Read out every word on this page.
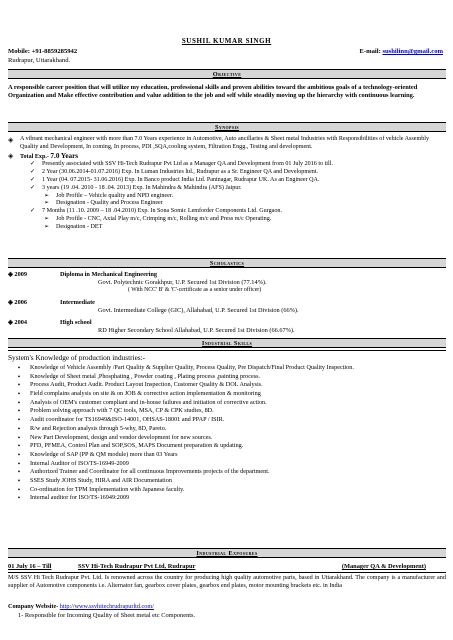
SUSHIL KUMAR SINGH
Mobile: +91-8859285942
Rudrapur, Uttarakhand.
E-mail: sushilinn@gmail.com
Objective
A responsible career position that will utilize my education, professional skills and proven abilities toward the ambitious goals of a technology-oriented Organization and Make effective contribution and value addition to the job and self while steadily moving up the hierarchy with continuous learning.
Synopsis
◈	A vibrant mechanical engineer with more than 7.0 Years experience in Automotive, Auto ancillaries & Sheet metal Industries with Responsibilities of vehicle Assembly Quality and Development, In coming, In process, PDI ,SQA,cooling system, Filtration Engg., Testing and development.
◈	Total Exp.- 7.0 Years
✓	Presently associated with SSV Hi-Tech Rudrapur Pvt Ltd as a Manager QA and Development from 01 July 2016 to till.
✓	2 Year (30.06.2014-01.07.2016) Exp. In Luman Industries ltd., Rudrapur as a Sr. Engineer QA and Development.
✓	1 Year (04. 07.2015- 31.06.2016) Exp. In Banco product India Ltd. Pantnagar, Rudrapur UK. As an Engineer QA.
✓	3 years (19 .04. 2010 - 18 .04. 2013) Exp. In Mahindra & Mahindra (AFS) Jaipur.
➢	Job Profile – Vehicle quality and NPD engineer.
➢	Designation - Quality and Process Engineer
✓	7 Months (11 .10. 2009 – 18 .04.2010) Exp. In Sona Somic Lemforder Components Ltd. Gurgaon.
➢	Job Profile - CNC, Axial Play m/c, Crimping m/c, Rolling m/c and Press m/c Operating.
➢	Designation - DET
Scholastics
◈ 2009	Diploma in Mechanical Engineering
Govt. Polytechnic Gorakhpur, U.P. Secured 1st Division (77.14%).
( With NCC' B' & 'C'-certificate as a senior under officer)
◈ 2006	Intermediate
Govt. Intermediate College (GIC), Allahabad, U.P. Secured 1st Division (66%).
◈ 2004	High school
RD Higher Secondary School Allahabad, U.P. Secured 1st Division (66.67%).
Industrial Skills
System's Knowledge of production industries:-
•	Knowledge of Vehicle Assembly /Part Quality & Supplier Quality, Process Quality, Pre Dispatch/Final Product Quality Inspection.
•	Knowledge of Sheet metal ,Phosphating , Powder coating , Plating process ,painting process.
•	Process Audit, Product Audit. Product Layout Inspection, Customer Quality & DOL Analysis.
•	Field complains analysis on site & on JOB & corrective action implementation & monitoring
•	Analysis of OEM's customer compliant and in-house failures and initiation of corrective action.
•	Problem solving approach with 7 QC tools, MSA, CP & CPK studies, 8D.
•	Audit coordinator for TS16949&ISO-14001, OHSAS-18001 and PPAP / ISIR.
•	R/w and Rejection analysis through 5-why, 8D, Pareto.
•	New Part Development, design and vendor development for new sources.
•	PFD, PFMEA, Control Plan and SOP,SOS, MAPS Document preparation & updating.
•	Knowledge of SAP (PP & QM module) more than 03 Years
•	Internal Auditor of ISO/TS-16949-2009
•	Authorized Trainer and Coordinator for all continuous Improvements projects of the department.
•	SSES Study JOHS Study, HIRA and AIR Documentation
•	Co-ordination for TPM Implementation with Japanese faculty.
•	Internal auditor for ISO/TS-16949:2009
Industrial Exposures
01 July 16 – Till	SSV Hi-Tech Rudrapur Pvt Ltd, Rudrapur	(Manager QA & Development)
M/S SSV Hi Tech Rudrapur Pvt. Ltd. Is renowned across the country for producing high quality automotive parts, based in Uttarakhand. The company is a manufacturer and supplier of Automotive components i.e. Alternator fan, gearbox cover plates, gearbox end plates, motor mounting brackets etc. in India
Company Website- http://www.ssvhitechrudrapurltd.com/
1- Responsible for Incoming Quality of Sheet metal etc Components.
